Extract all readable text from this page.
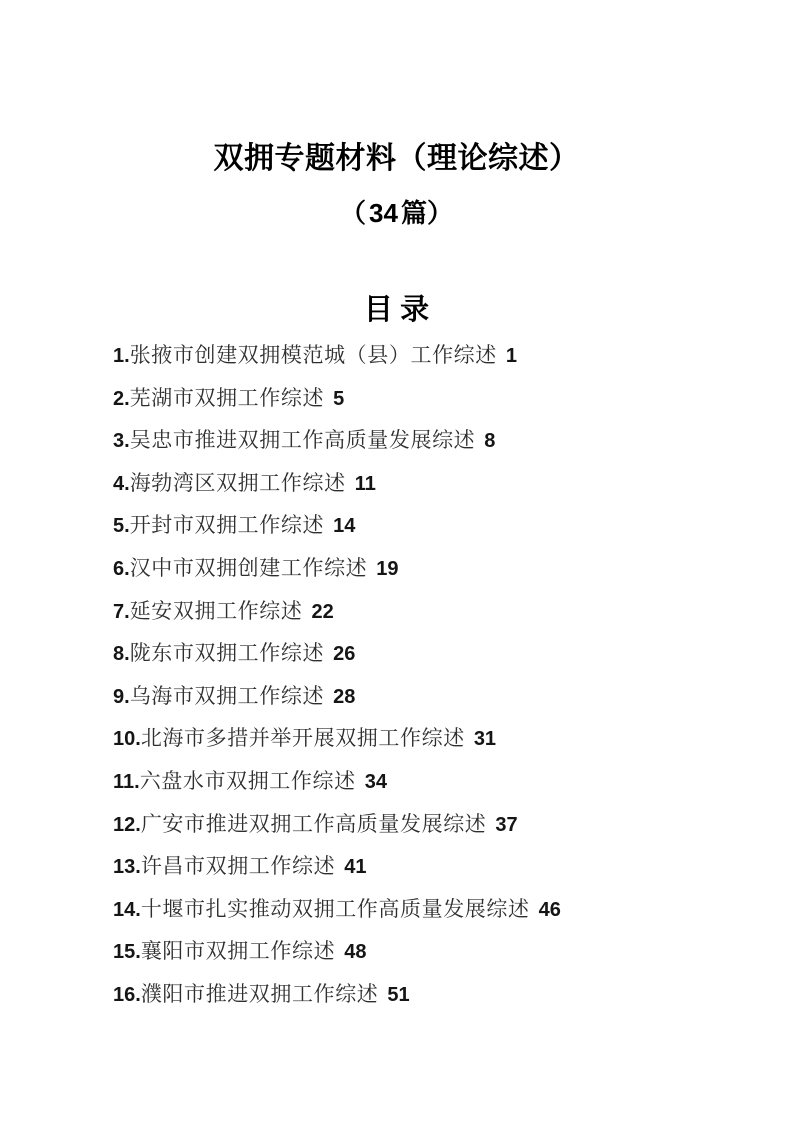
双拥专题材料（理论综述）
（ 34 篇）
目 录
1.张掖市创建双拥模范城（县）工作综述 1
2.芜湖市双拥工作综述 5
3.吴忠市推进双拥工作高质量发展综述 8
4.海勃湾区双拥工作综述 11
5.开封市双拥工作综述 14
6.汉中市双拥创建工作综述 19
7.延安双拥工作综述 22
8.陇东市双拥工作综述 26
9.乌海市双拥工作综述 28
10.北海市多措并举开展双拥工作综述 31
11.六盘水市双拥工作综述 34
12.广安市推进双拥工作高质量发展综述 37
13.许昌市双拥工作综述 41
14.十堰市扎实推动双拥工作高质量发展综述 46
15.襄阳市双拥工作综述 48
16.濮阳市推进双拥工作综述 51
